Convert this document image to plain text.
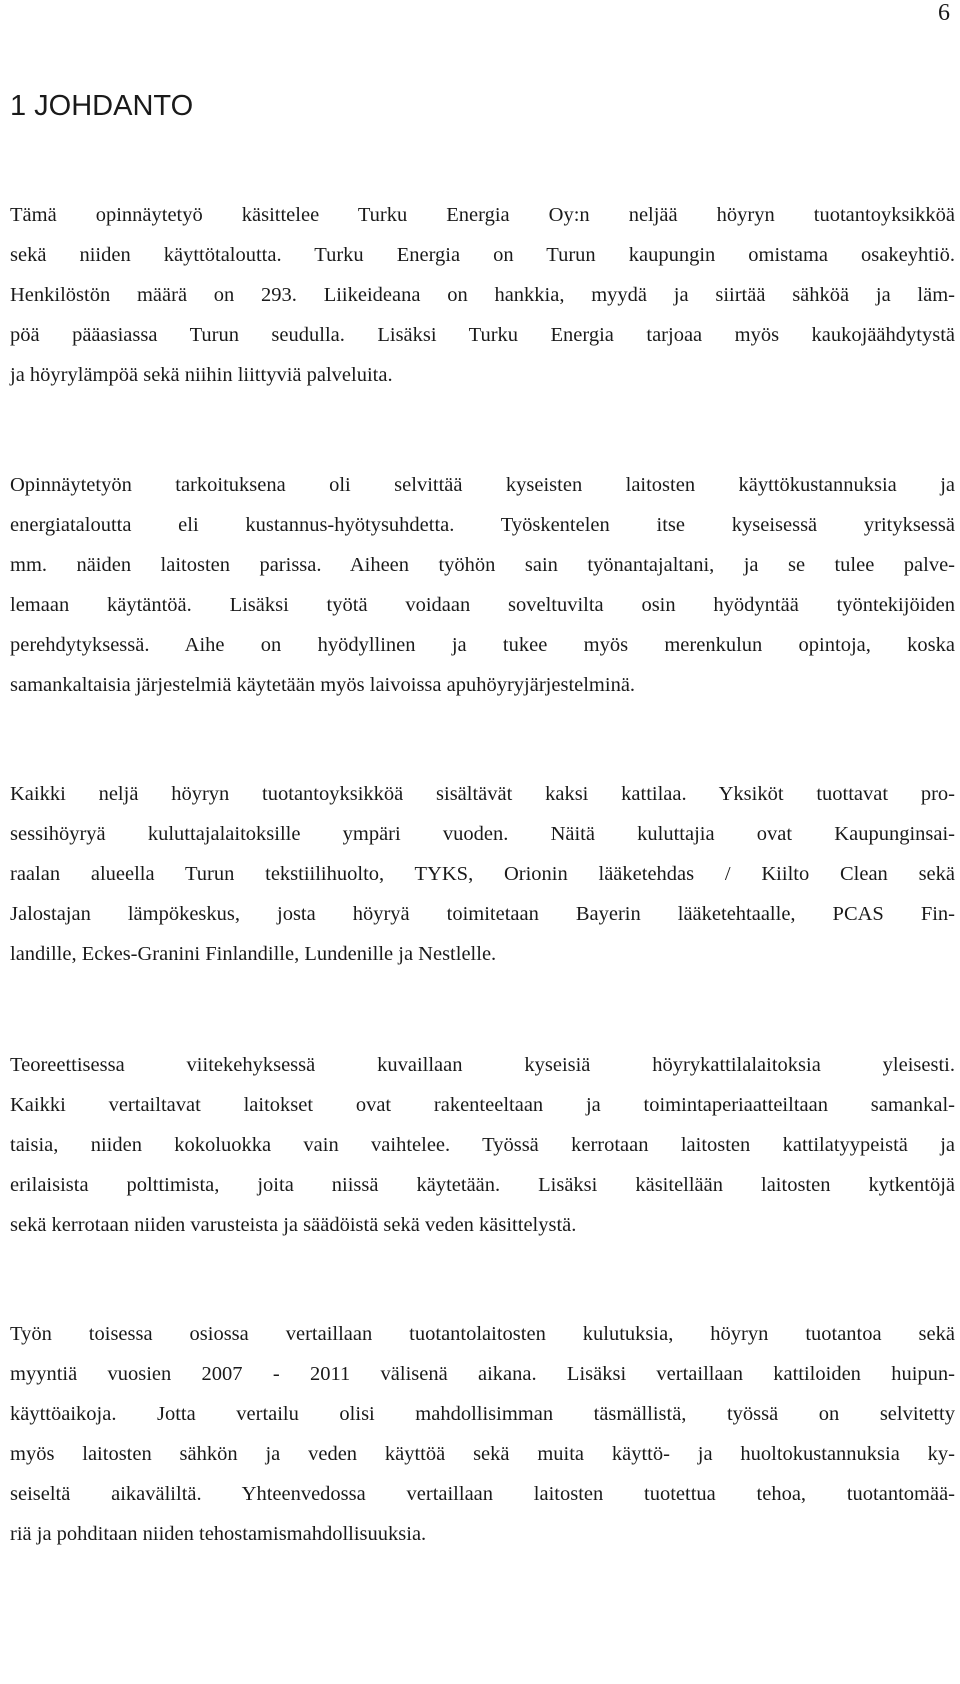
6
1 JOHDANTO
Tämä opinnäytetyö käsittelee Turku Energia Oy:n neljää höyryn tuotantoyksikköä
sekä niiden käyttötaloutta. Turku Energia on Turun kaupungin omistama osakeyhtiö.
Henkilöstön määrä on 293. Liikeideana on hankkia, myydä ja siirtää sähköä ja läm-
pöä pääasiassa Turun seudulla. Lisäksi Turku Energia tarjoaa myös kaukojäähdytystä
ja höyrylämpöä sekä niihin liittyviä palveluita.
Opinnäytetyön tarkoituksena oli selvittää kyseisten laitosten käyttökustannuksia ja
energiataloutta eli kustannus-hyötysuhdetta. Työskentelen itse kyseisessä yrityksessä
mm. näiden laitosten parissa. Aiheen työhön sain työnantajaltani, ja se tulee palve-
lemaan käytäntöä. Lisäksi työtä voidaan soveltuvilta osin hyödyntää työntekijöiden
perehdytyksessä. Aihe on hyödyllinen ja tukee myös merenkulun opintoja, koska
samankaltaisia järjestelmiä käytetään myös laivoissa apuhöyryjärjestelminä.
Kaikki neljä höyryn tuotantoyksikköä sisältävät kaksi kattilaa. Yksiköt tuottavat pro-
sessihöyryä kuluttajalaitoksille ympäri vuoden. Näitä kuluttajia ovat Kaupunginsai-
raalan alueella Turun tekstiilihuolto, TYKS, Orionin lääketehdas / Kiilto Clean sekä
Jalostajan lämpökeskus, josta höyryä toimitetaan Bayerin lääketehtaalle, PCAS Fin-
landille, Eckes-Granini Finlandille, Lundenille ja Nestlelle.
Teoreettisessa viitekehyksessä kuvaillaan kyseisiä höyrykattilalaitoksia yleisesti.
Kaikki vertailtavat laitokset ovat rakenteeltaan ja toimintaperiaatteiltaan samankal-
taisia, niiden kokoluokka vain vaihtelee. Työssä kerrotaan laitosten kattilatyypeistä ja
erilaisista polttimista, joita niissä käytetään. Lisäksi käsitellään laitosten kytkentöjä
sekä kerrotaan niiden varusteista ja säädöistä sekä veden käsittelystä.
Työn toisessa osiossa vertaillaan tuotantolaitosten kulutuksia, höyryn tuotantoa sekä
myyntiä vuosien 2007 - 2011 välisenä aikana. Lisäksi vertaillaan kattiloiden huipun-
käyttöaikoja. Jotta vertailu olisi mahdollisimman täsmällistä, työssä on selvitetty
myös laitosten sähkön ja veden käyttöä sekä muita käyttö- ja huoltokustannuksia ky-
seiseltä aikaväliltä. Yhteenvedossa vertaillaan laitosten tuotettua tehoa, tuotantomää-
riä ja pohditaan niiden tehostamismahdollisuuksia.
